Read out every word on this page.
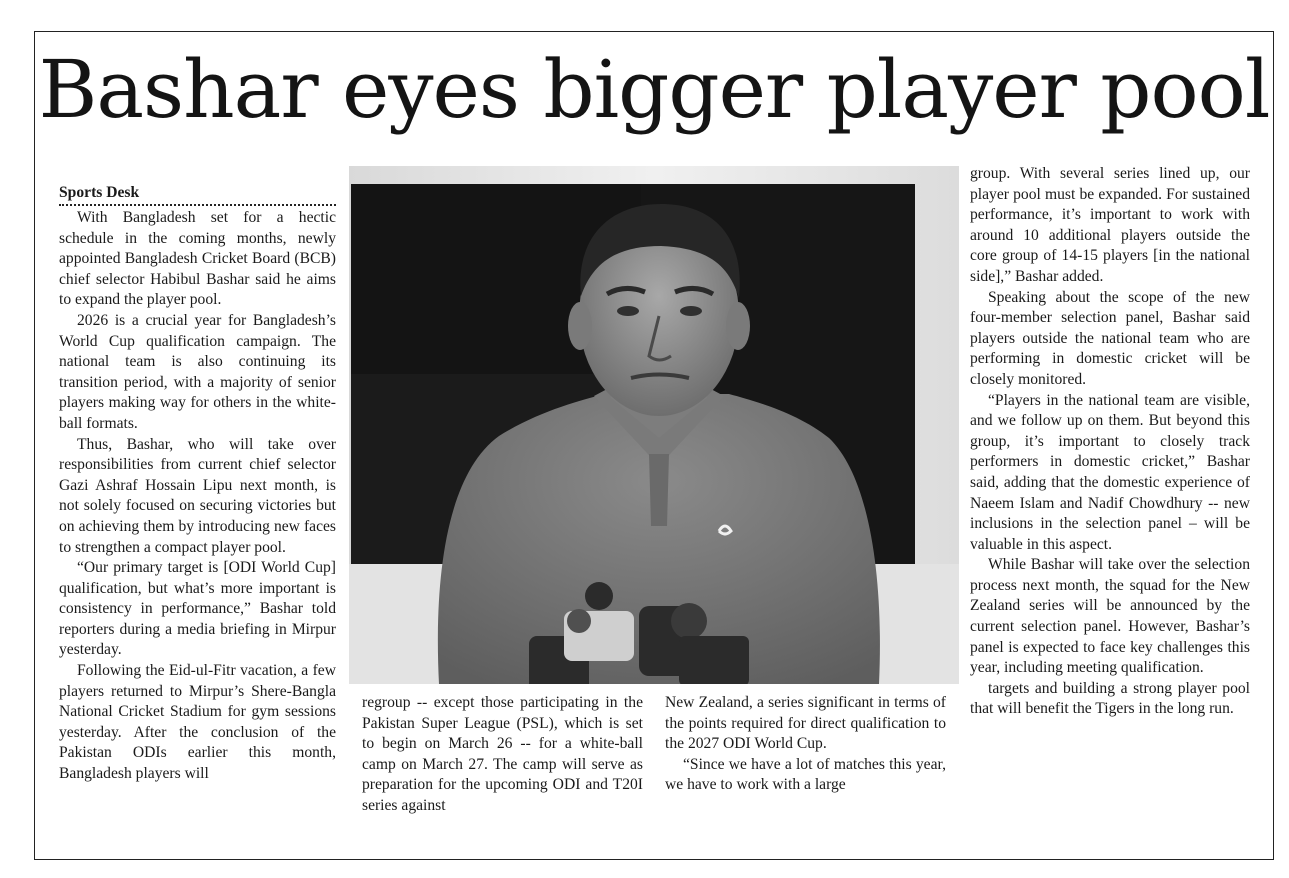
Bashar eyes bigger player pool
Sports Desk

With Bangladesh set for a hectic schedule in the coming months, newly appointed Bangladesh Cricket Board (BCB) chief selector Habibul Bashar said he aims to expand the player pool.

2026 is a crucial year for Bangladesh’s World Cup qualification campaign. The national team is also continuing its transition period, with a majority of senior players making way for others in the white-ball formats.

Thus, Bashar, who will take over responsibilities from current chief selector Gazi Ashraf Hossain Lipu next month, is not solely focused on securing victories but on achieving them by introducing new faces to strengthen a compact player pool.

“Our primary target is [ODI World Cup] qualification, but what’s more important is consistency in performance,” Bashar told reporters during a media briefing in Mirpur yesterday.

Following the Eid-ul-Fitr vacation, a few players returned to Mirpur’s Shere-Bangla National Cricket Stadium for gym sessions yesterday. After the conclusion of the Pakistan ODIs earlier this month, Bangladesh players will

regroup -- except those participating in the Pakistan Super League (PSL), which is set to begin on March 26 -- for a white-ball camp on March 27. The camp will serve as preparation for the upcoming ODI and T20I series against

New Zealand, a series significant in terms of the points required for direct qualification to the 2027 ODI World Cup.

“Since we have a lot of matches this year, we have to work with a large

group. With several series lined up, our player pool must be expanded. For sustained performance, it’s important to work with around 10 additional players outside the core group of 14-15 players [in the national side],” Bashar added.

Speaking about the scope of the new four-member selection panel, Bashar said players outside the national team who are performing in domestic cricket will be closely monitored.

“Players in the national team are visible, and we follow up on them. But beyond this group, it’s important to closely track performers in domestic cricket,” Bashar said, adding that the domestic experience of Naeem Islam and Nadif Chowdhury -- new inclusions in the selection panel – will be valuable in this aspect.

While Bashar will take over the selection process next month, the squad for the New Zealand series will be announced by the current selection panel. However, Bashar’s panel is expected to face key challenges this year, including meeting qualification.

targets and building a strong player pool that will benefit the Tigers in the long run.
